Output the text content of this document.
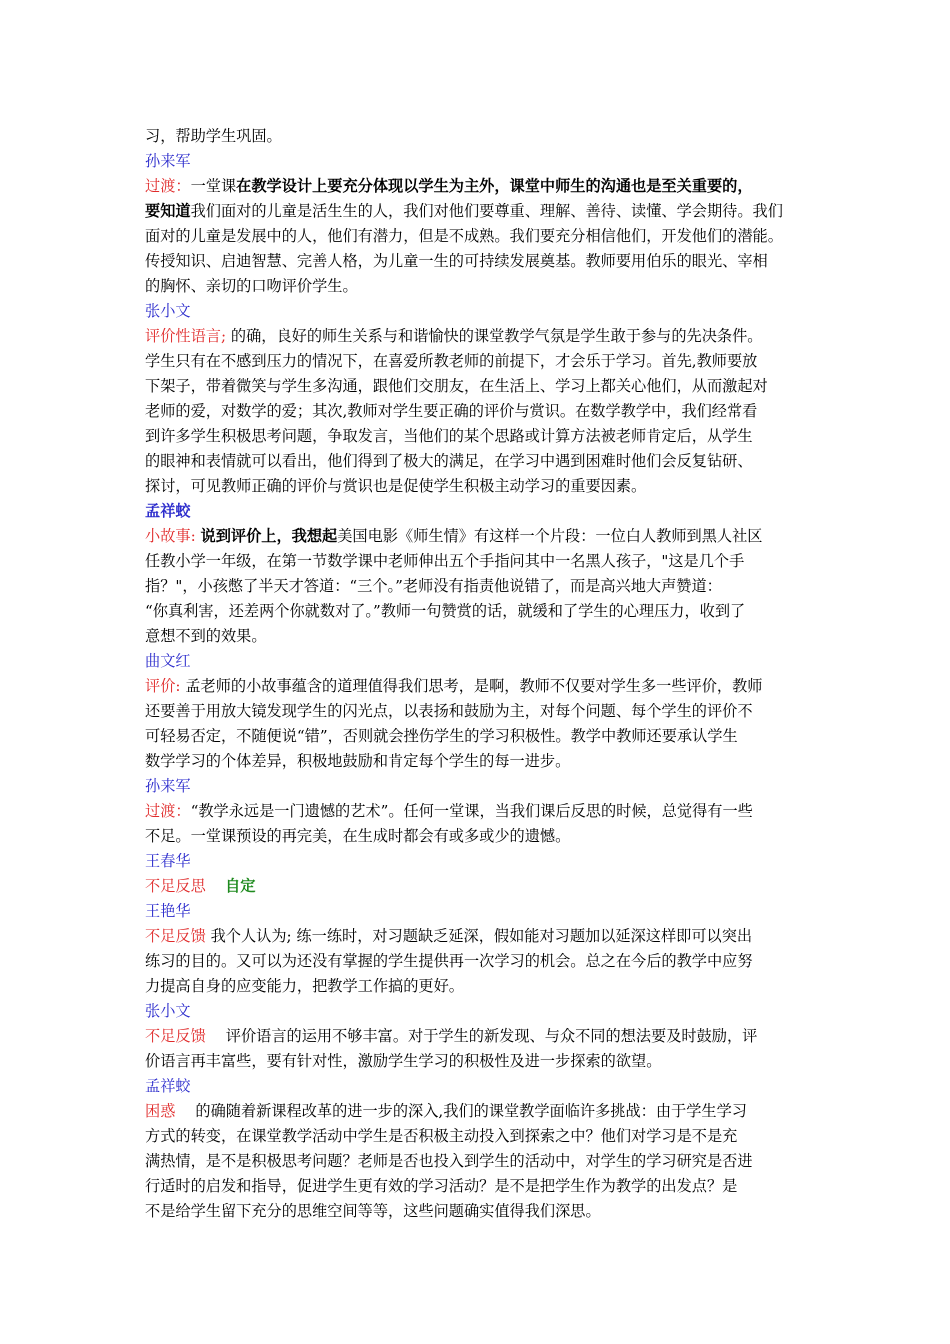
习，帮助学生巩固。
孙来军
过渡：一堂课在教学设计上要充分体现以学生为主外，课堂中师生的沟通也是至关重要的，
要知道我们面对的儿童是活生生的人，我们对他们要尊重、理解、善待、读懂、学会期待。我们
面对的儿童是发展中的人，他们有潜力，但是不成熟。我们要充分相信他们，开发他们的潜能。
传授知识、启迪智慧、完善人格，为儿童一生的可持续发展奠基。教师要用伯乐的眼光、宰相
的胸怀、亲切的口吻评价学生。
张小文
评价性语言; 的确，良好的师生关系与和谐愉快的课堂教学气氛是学生敢于参与的先决条件。
学生只有在不感到压力的情况下，在喜爱所教老师的前提下，才会乐于学习。首先,教师要放
下架子，带着微笑与学生多沟通，跟他们交朋友，在生活上、学习上都关心他们，从而激起对
老师的爱，对数学的爱；其次,教师对学生要正确的评价与赏识。在数学教学中，我们经常看
到许多学生积极思考问题，争取发言，当他们的某个思路或计算方法被老师肯定后，从学生
的眼神和表情就可以看出，他们得到了极大的满足，在学习中遇到困难时他们会反复钻研、
探讨，可见教师正确的评价与赏识也是促使学生积极主动学习的重要因素。
孟祥蛟
小故事: 说到评价上，我想起美国电影《师生情》有这样一个片段：一位白人教师到黑人社区
任教小学一年级，在第一节数学课中老师伸出五个手指问其中一名黑人孩子，"这是几个手
指？"，小孩憋了半天才答道：“三个。”老师没有指责他说错了，而是高兴地大声赞道：
“你真利害，还差两个你就数对了。”教师一句赞赏的话，就缓和了学生的心理压力，收到了
意想不到的效果。
曲文红
评价: 孟老师的小故事蕴含的道理值得我们思考，是啊，教师不仅要对学生多一些评价，教师
还要善于用放大镜发现学生的闪光点，以表扬和鼓励为主，对每个问题、每个学生的评价不
可轻易否定，不随便说“错”，否则就会挫伤学生的学习积极性。教学中教师还要承认学生
数学学习的个体差异，积极地鼓励和肯定每个学生的每一进步。
孙来军
过渡：“教学永远是一门遗憾的艺术”。任何一堂课，当我们课后反思的时候，总觉得有一些
不足。一堂课预设的再完美，在生成时都会有或多或少的遗憾。
王春华
不足反思 自定
王艳华
不足反馈 我个人认为; 练一练时，对习题缺乏延深，假如能对习题加以延深这样即可以突出
练习的目的。又可以为还没有掌握的学生提供再一次学习的机会。总之在今后的教学中应努
力提高自身的应变能力，把教学工作搞的更好。
张小文
不足反馈　 评价语言的运用不够丰富。对于学生的新发现、与众不同的想法要及时鼓励，评
价语言再丰富些，要有针对性，激励学生学习的积极性及进一步探索的欲望。
孟祥蛟
困惑　 的确随着新课程改革的进一步的深入,我们的课堂教学面临许多挑战：由于学生学习
方式的转变，在课堂教学活动中学生是否积极主动投入到探索之中？他们对学习是不是充
满热情，是不是积极思考问题？老师是否也投入到学生的活动中，对学生的学习研究是否进
行适时的启发和指导，促进学生更有效的学习活动？是不是把学生作为教学的出发点？是
不是给学生留下充分的思维空间等等，这些问题确实值得我们深思。
